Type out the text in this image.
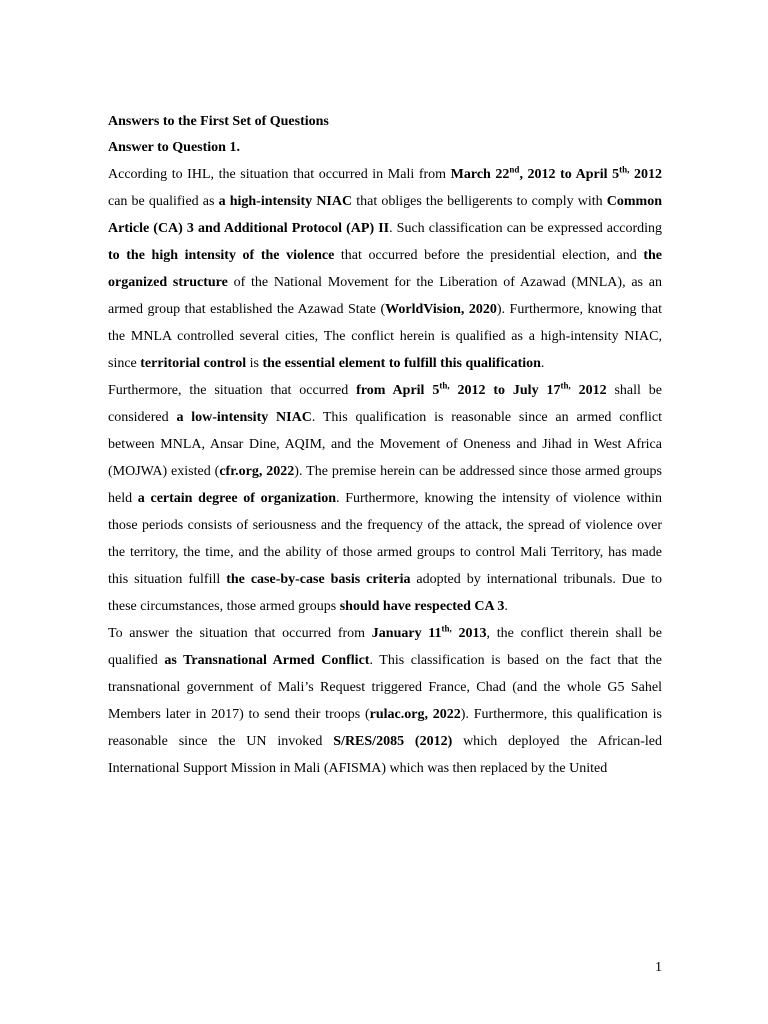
Answers to the First Set of Questions
Answer to Question 1.

According to IHL, the situation that occurred in Mali from March 22nd, 2012 to April $5^{th,}$ 2012 can be qualified as a high-intensity NIAC that obliges the belligerents to comply with Common Article (CA) 3 and Additional Protocol (AP) II. Such classification can be expressed according to the high intensity of the violence that occurred before the presidential election, and the organized structure of the National Movement for the Liberation of Azawad (MNLA), as an armed group that established the Azawad State (WorldVision, 2020). Furthermore, knowing that the MNLA controlled several cities, The conflict herein is qualified as a high-intensity NIAC, since territorial control is the essential element to fulfill this qualification.

Furthermore, the situation that occurred from April $5^{th,}$ 2012 to July $17^{th,}$ 2012 shall be considered a low-intensity NIAC. This qualification is reasonable since an armed conflict between MNLA, Ansar Dine, AQIM, and the Movement of Oneness and Jihad in West Africa (MOJWA) existed (cfr.org, 2022). The premise herein can be addressed since those armed groups held a certain degree of organization. Furthermore, knowing the intensity of violence within those periods consists of seriousness and the frequency of the attack, the spread of violence over the territory, the time, and the ability of those armed groups to control Mali Territory, has made this situation fulfill the case-by-case basis criteria adopted by international tribunals. Due to these circumstances, those armed groups should have respected CA 3.

To answer the situation that occurred from January $11^{th,}$ 2013, the conflict therein shall be qualified as Transnational Armed Conflict. This classification is based on the fact that the transnational government of Mali’s Request triggered France, Chad (and the whole G5 Sahel Members later in 2017) to send their troops (rulac.org, 2022). Furthermore, this qualification is reasonable since the UN invoked S/RES/2085 (2012) which deployed the African-led International Support Mission in Mali (AFISMA) which was then replaced by the United

1
